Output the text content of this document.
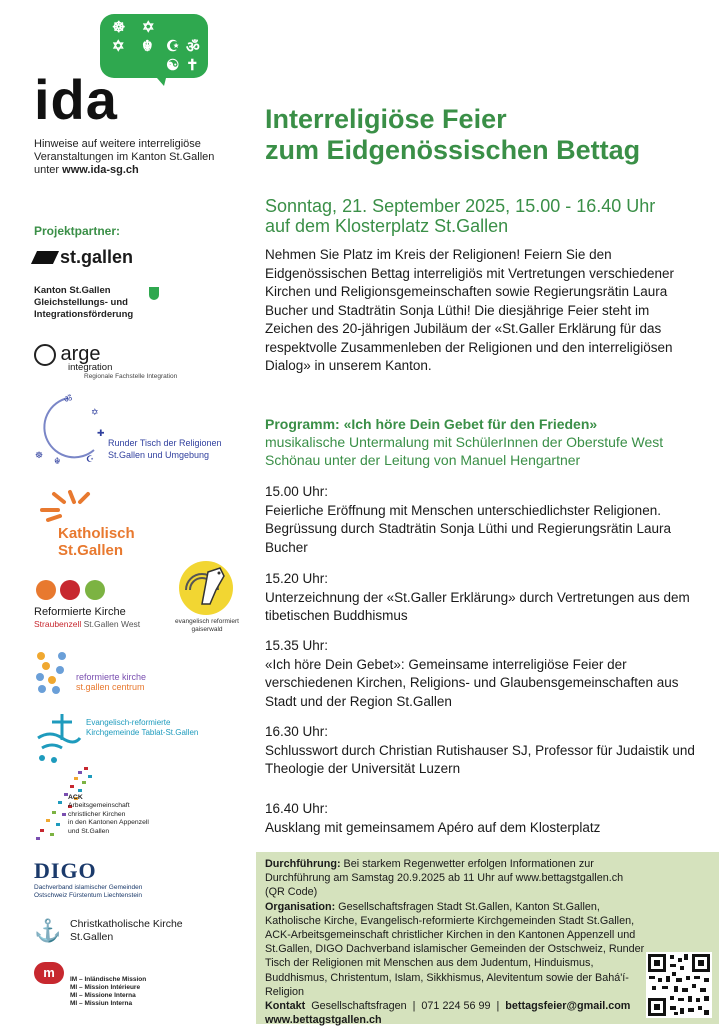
☸ ✡
✡ ☬ ☪ ॐ
☯ ✝
ida
Hinweise auf weitere interreligiöse
Veranstaltungen im Kanton St.Gallen
unter www.ida-sg.ch
Interreligiöse Feier
zum Eidgenössischen Bettag
Sonntag, 21. September 2025, 15.00 - 16.40 Uhr
auf dem Klosterplatz St.Gallen
Nehmen Sie Platz im Kreis der Religionen! Feiern Sie den Eidgenössischen Bettag interreligiös mit Vertretungen verschiedener Kirchen und Religionsgemeinschaften sowie Regierungsrätin Laura Bucher und Stadträtin Sonja Lüthi! Die diesjährige Feier steht im Zeichen des 20-jährigen Jubiläum der «St.Galler Erklärung für das respektvolle Zusammenleben der Religionen und den interreligiösen Dialog» in unserem Kanton.
Programm: «Ich höre Dein Gebet für den Frieden»
musikalische Untermalung mit SchülerInnen der Oberstufe West Schönau unter der Leitung von Manuel Hengartner
15.00 Uhr:
Feierliche Eröffnung mit Menschen unterschiedlichster Religionen. Begrüssung durch Stadträtin Sonja Lüthi und Regierungsrätin Laura Bucher
15.20 Uhr:
Unterzeichnung der «St.Galler Erklärung» durch Vertretungen aus dem tibetischen Buddhismus
15.35 Uhr:
«Ich höre Dein Gebet»: Gemeinsame interreligiöse Feier der verschiedenen Kirchen, Religions- und Glaubensgemeinschaften aus Stadt und der Region St.Gallen
16.30 Uhr:
Schlusswort durch Christian Rutishauser SJ, Professor für Judaistik und Theologie der Universität Luzern
16.40 Uhr:
Ausklang mit gemeinsamem Apéro auf dem Klosterplatz
Durchführung: Bei starkem Regenwetter erfolgen Informationen zur Durchführung am Samstag 20.9.2025 ab 11 Uhr auf www.bettagstgallen.ch (QR Code)
Organisation: Gesellschaftsfragen Stadt St.Gallen, Kanton St.Gallen, Katholische Kirche, Evangelisch-reformierte Kirchgemeinden Stadt St.Gallen, ACK-Arbeitsgemeinschaft christlicher Kirchen in den Kantonen Appenzell und St.Gallen, DIGO Dachverband islamischer Gemeinden der Ostschweiz, Runder Tisch der Religionen mit Menschen aus dem Judentum, Hinduismus, Buddhismus, Christentum, Islam, Sikkhismus, Alevitentum sowie der Bahá'í-Religion
Kontakt  Gesellschaftsfragen  |  071 224 56 99  |  bettagsfeier@gmail.com
www.bettagstgallen.ch
Projektpartner:
st.gallen
Kanton St.Gallen
Gleichstellungs- und
Integrationsförderung
arge
integration
Regionale Fachstelle Integration
ॐ
✡
✚
☪
☬
☸
Runder Tisch der Religionen
St.Gallen und Umgebung
Katholisch
St.Gallen

Reformierte Kirche
Straubenzell St.Gallen West	evangelisch reformiert
gaiserwald
reformierte kirche
st.gallen centrum
Evangelisch-reformierte
Kirchgemeinde Tablat-St.Gallen
ACK
Arbeitsgemeinschaft
christlicher Kirchen
in den Kantonen Appenzell
und St.Gallen
DIGO
Dachverband islamischer Gemeinden
Ostschweiz Fürstentum Liechtenstein
⚓ Christkatholische Kirche
St.Gallen
m	IM – Inländische Mission
MI – Mission Intérieure
MI – Missione Interna
MI – Missiun Interna
